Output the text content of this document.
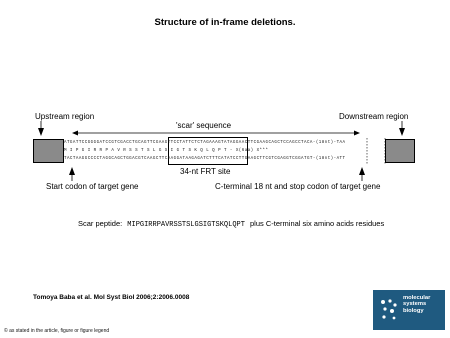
Structure of in-frame deletions.
Upstream region
'scar' sequence
Downstream region
ATGATTCCGGGGATCCGTCGACCTGCAGTTCGAAGTTCCTATTCTCTAGAAAGTATAGGAACTTCGAAGCAGCTCCAGCCTACA-(18nt)-TAA
M I P G I R R P A V R S S T S L G S I G T S K Q L Q P T - X(6aa) X***
TACTAAGGCCCCTAGGCAGCTGGACGTCAAGCTTCAAGGATAAGAGATCTTTCATATCCTTGAAGCTTCGTCGAGGTCGGATGT-(18nt)-ATT
34-nt FRT site
Start codon of target gene	C-terminal 18 nt and stop codon of target gene
Scar peptide: MIPGIRRPAVRSSTSLGSIGTSKQLQPT plus C-terminal six amino acids residues
Tomoya Baba et al. Mol Syst Biol 2006;2:2006.0008
© as stated in the article, figure or figure legend
molecular
systems
biology
